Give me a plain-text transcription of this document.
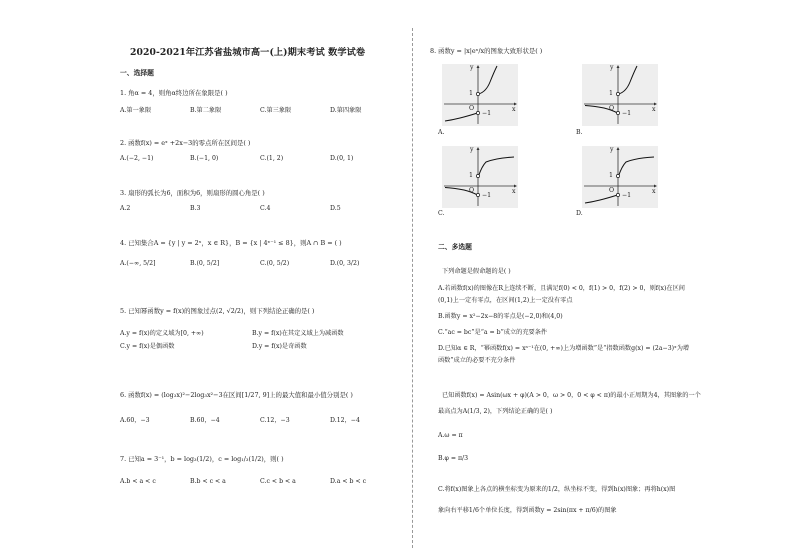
2020-2021年江苏省盐城市高一(上)期末考试 数学试卷
一、选择题
1. 角α = 4，则角α终边所在象限是( )
A.第一象限	B.第二象限	C.第三象限	D.第四象限
2. 函数f(x) = eˣ +2x−3的零点所在区间是( )
A.(−2, −1)	B.(−1, 0)	C.(1, 2)	D.(0, 1)
3. 扇形的弧长为6，面积为6，则扇形的圆心角是( )
A.2	B.3	C.4	D.5
4. 已知集合A = {y | y = 2ˣ，x ∈ R}，B = {x | 4ˣ⁻¹ ≤ 8}，则A ∩ B = ( )
A.(−∞, 5/2]	B.(0, 5/2]	C.(0, 5/2)	D.(0, 3/2)
5. 已知幂函数y = f(x)的图象过点(2, √2/2)，则下列结论正确的是( )
A.y = f(x)的定义域为[0, +∞)	B.y = f(x)在其定义域上为减函数
C.y = f(x)是偶函数	D.y = f(x)是奇函数
6. 函数f(x) = (log₃x)²−2log₃x²−3在区间[1/27, 9]上的最大值和最小值分别是( )
A.60，−3	B.60，−4	C.12，−3	D.12，−4
7. 已知a = 3⁻¹，b = log₃(1/2)，c = log₁/₃(1/2)，则( )
A.b < a < c	B.b < c < a	C.c < b < a	D.a < b < c
8. 函数y = |x|eˣ/x的图象大致形状是( )
y
x
1
O
−1
A.
y
x
1
O
−1
B.
y
x
1
O
−1
C.
y
x
1
O
−1
D.
二、多选题
下列命题是假命题的是( )
A.若函数f(x)的图像在R上连续不断，且满足f(0) < 0，f(1) > 0，f(2) > 0，则f(x)在区间
(0,1)上一定有零点，在区间(1,2)上一定没有零点
B.函数y = x²−2x−8的零点是(−2,0)和(4,0)
C.“ac = bc”是“a = b”成立的充要条件
D.已知α ∈ R，“幂函数f(x) = xᵃ⁻¹在(0, +∞)上为增函数”是“指数函数g(x) = (2a−3)ˣ为增
函数”成立的必要不充分条件
已知函数f(x) = Asin(ωx + φ)(A > 0，ω > 0，0 < φ < π)的最小正周期为4，其图象的一个
最高点为A(1/3, 2)，下列结论正确的是( )
A.ω = π
B.φ = π/3
C.将f(x)图象上各点的横坐标变为原来的1/2，纵坐标不变，得到h(x)图象；再将h(x)图
象向右平移1/6个单位长度，得到函数y = 2sin(πx + π/6)的图象
